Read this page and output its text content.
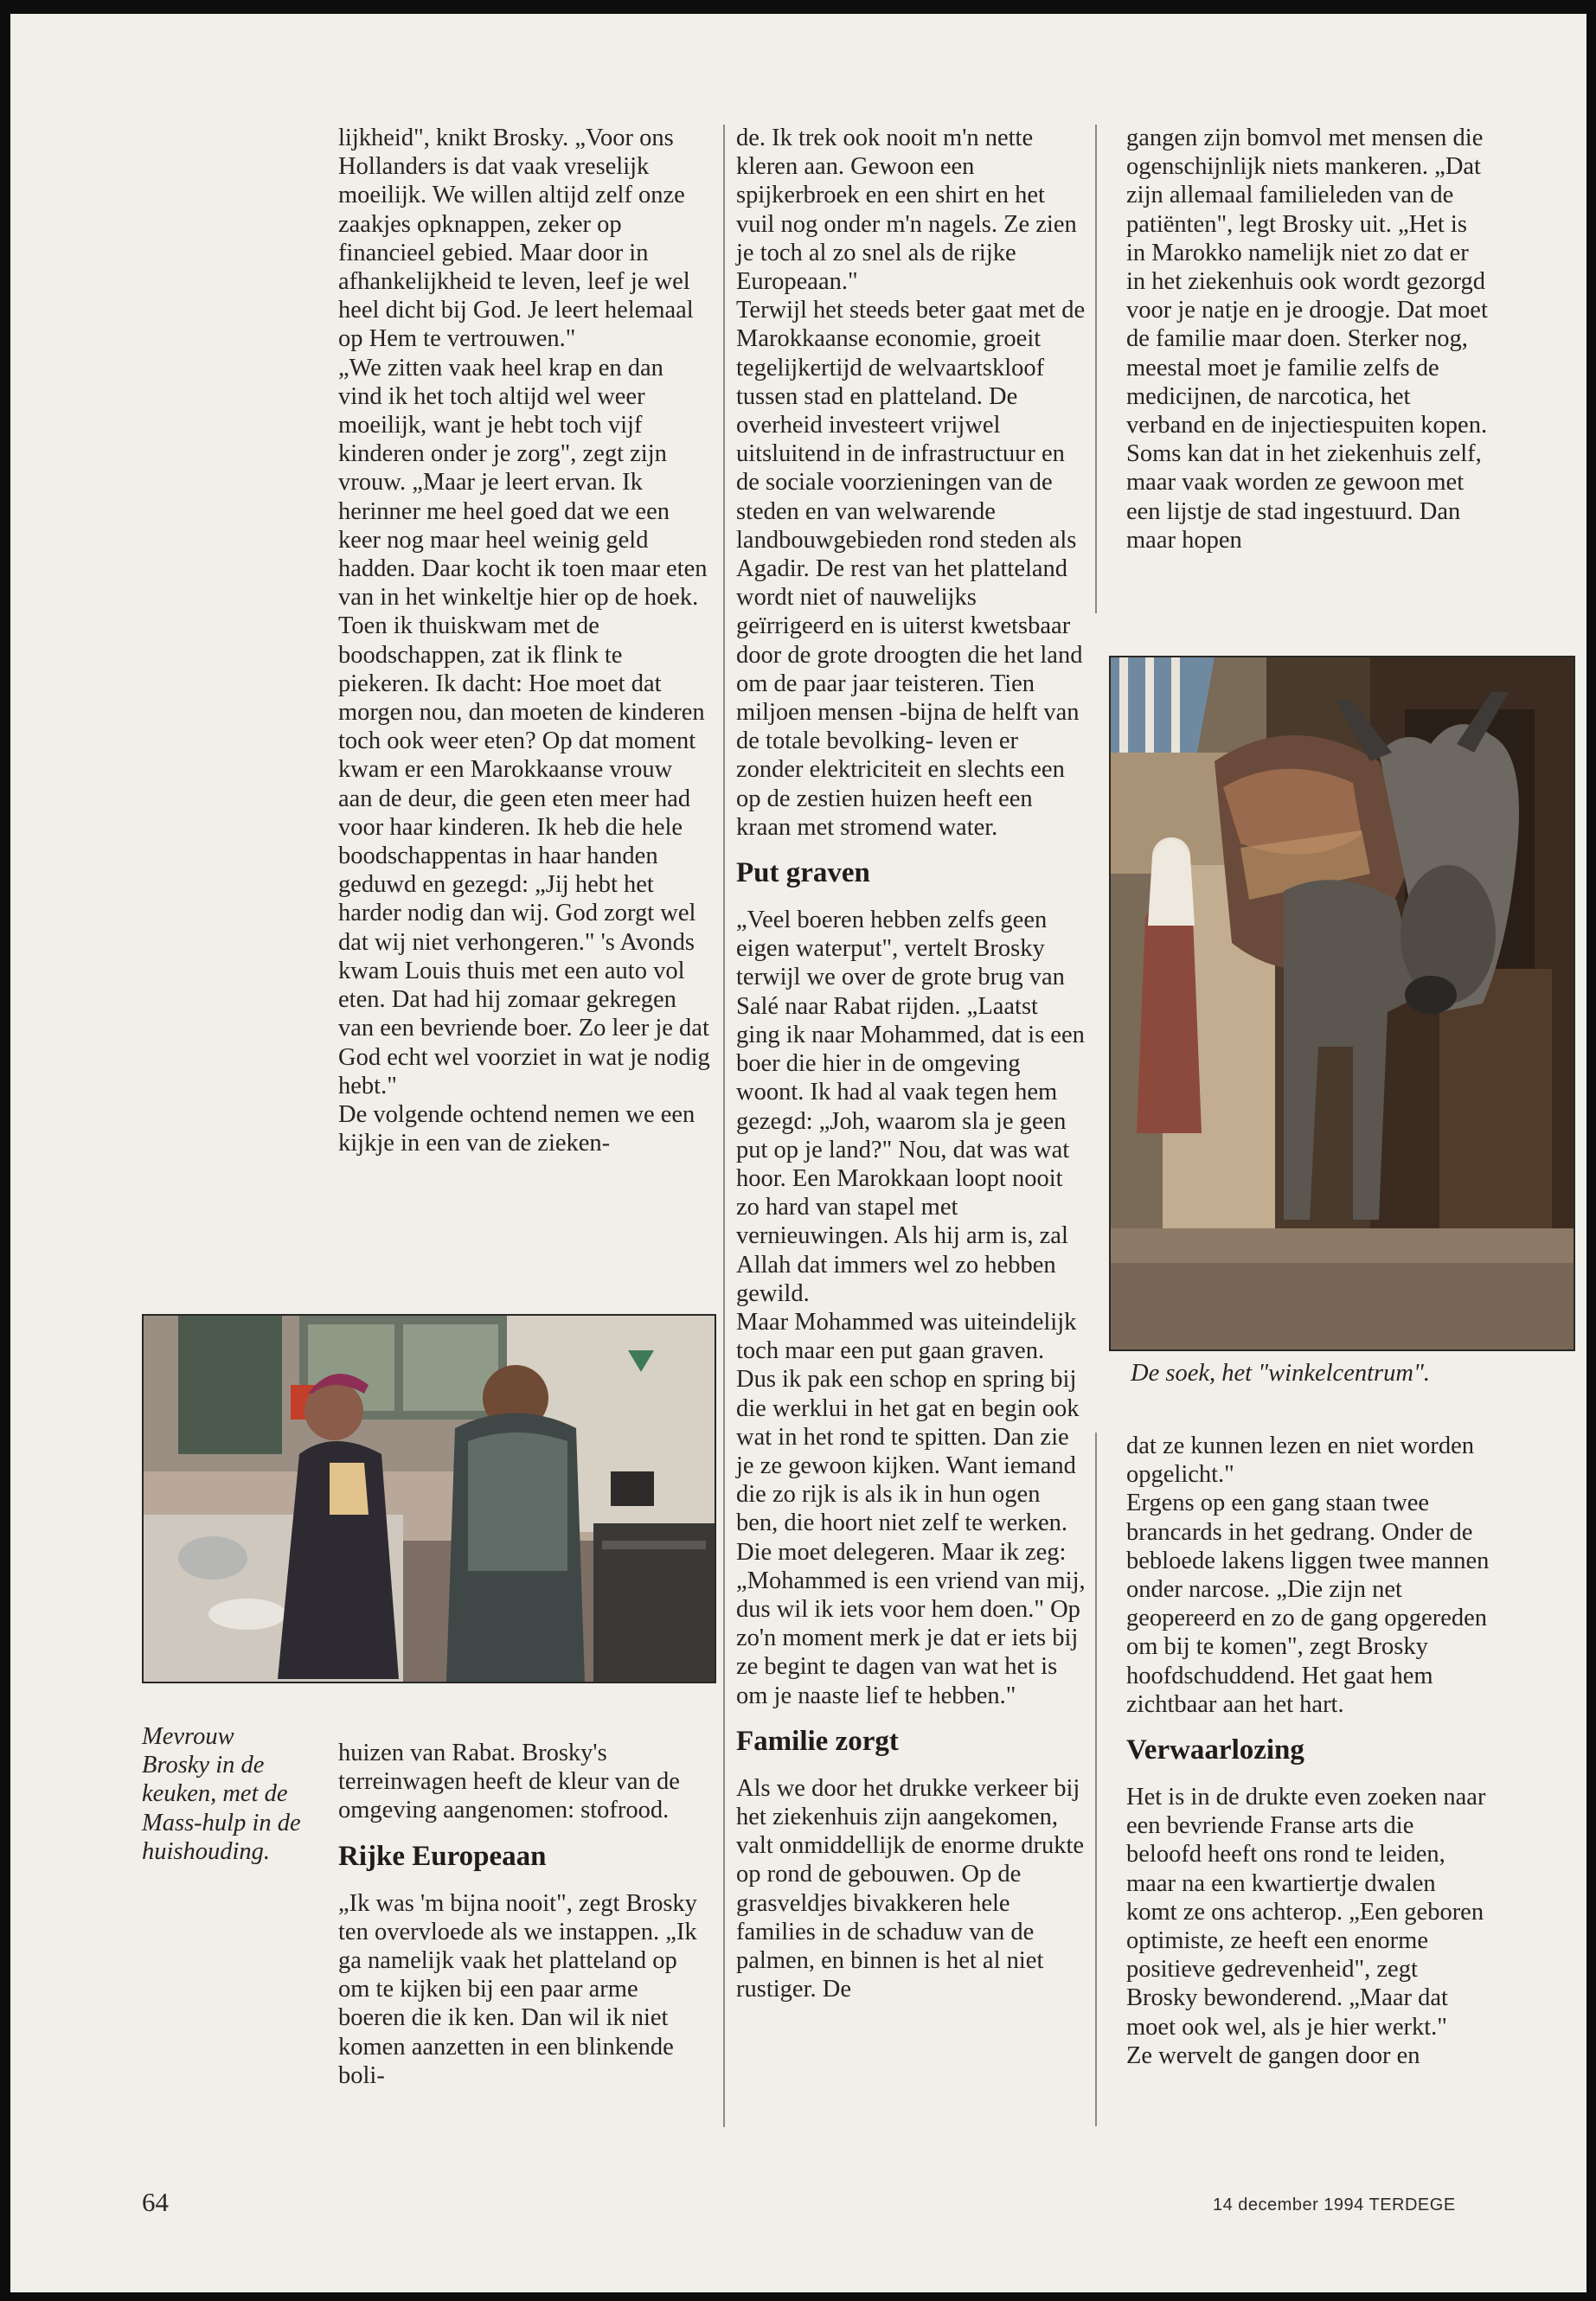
lijkheid", knikt Brosky. „Voor ons Hollanders is dat vaak vreselijk moeilijk. We willen altijd zelf onze zaakjes opknappen, zeker op financieel gebied. Maar door in afhankelijkheid te leven, leef je wel heel dicht bij God. Je leert helemaal op Hem te vertrouwen."

„We zitten vaak heel krap en dan vind ik het toch altijd wel weer moeilijk, want je hebt toch vijf kinderen onder je zorg", zegt zijn vrouw. „Maar je leert ervan. Ik herinner me heel goed dat we een keer nog maar heel weinig geld hadden. Daar kocht ik toen maar eten van in het winkeltje hier op de hoek. Toen ik thuiskwam met de boodschappen, zat ik flink te piekeren. Ik dacht: Hoe moet dat morgen nou, dan moeten de kinderen toch ook weer eten? Op dat moment kwam er een Marokkaanse vrouw aan de deur, die geen eten meer had voor haar kinderen. Ik heb die hele boodschappentas in haar handen geduwd en gezegd: „Jij hebt het harder nodig dan wij. God zorgt wel dat wij niet verhongeren." 's Avonds kwam Louis thuis met een auto vol eten. Dat had hij zomaar gekregen van een bevriende boer. Zo leer je dat God echt wel voorziet in wat je nodig hebt."

De volgende ochtend nemen we een kijkje in een van de zieken-

Mevrouw Brosky in de keuken, met de Mass-hulp in de huishouding.

huizen van Rabat. Brosky's terreinwagen heeft de kleur van de omgeving aangenomen: stofrood.

Rijke Europeaan

„Ik was 'm bijna nooit", zegt Brosky ten overvloede als we instappen. „Ik ga namelijk vaak het platteland op om te kijken bij een paar arme boeren die ik ken. Dan wil ik niet komen aanzetten in een blinkende boli-

de. Ik trek ook nooit m'n nette kleren aan. Gewoon een spijkerbroek en een shirt en het vuil nog onder m'n nagels. Ze zien je toch al zo snel als de rijke Europeaan."

Terwijl het steeds beter gaat met de Marokkaanse economie, groeit tegelijkertijd de welvaartskloof tussen stad en platteland. De overheid investeert vrijwel uitsluitend in de infrastructuur en de sociale voorzieningen van de steden en van welwarende landbouwgebieden rond steden als Agadir. De rest van het platteland wordt niet of nauwelijks geïrrigeerd en is uiterst kwetsbaar door de grote droogten die het land om de paar jaar teisteren. Tien miljoen mensen -bijna de helft van de totale bevolking- leven er zonder elektriciteit en slechts een op de zestien huizen heeft een kraan met stromend water.

Put graven

„Veel boeren hebben zelfs geen eigen waterput", vertelt Brosky terwijl we over de grote brug van Salé naar Rabat rijden. „Laatst ging ik naar Mohammed, dat is een boer die hier in de omgeving woont. Ik had al vaak tegen hem gezegd: „Joh, waarom sla je geen put op je land?" Nou, dat was wat hoor. Een Marokkaan loopt nooit zo hard van stapel met vernieuwingen. Als hij arm is, zal Allah dat immers wel zo hebben gewild.

Maar Mohammed was uiteindelijk toch maar een put gaan graven. Dus ik pak een schop en spring bij die werklui in het gat en begin ook wat in het rond te spitten. Dan zie je ze gewoon kijken. Want iemand die zo rijk is als ik in hun ogen ben, die hoort niet zelf te werken. Die moet delegeren. Maar ik zeg: „Mohammed is een vriend van mij, dus wil ik iets voor hem doen." Op zo'n moment merk je dat er iets bij ze begint te dagen van wat het is om je naaste lief te hebben."

Familie zorgt

Als we door het drukke verkeer bij het ziekenhuis zijn aangekomen, valt onmiddellijk de enorme drukte op rond de gebouwen. Op de grasveldjes bivakkeren hele families in de schaduw van de palmen, en binnen is het al niet rustiger. De

gangen zijn bomvol met mensen die ogenschijnlijk niets mankeren. „Dat zijn allemaal familieleden van de patiënten", legt Brosky uit. „Het is in Marokko namelijk niet zo dat er in het ziekenhuis ook wordt gezorgd voor je natje en je droogje. Dat moet de familie maar doen. Sterker nog, meestal moet je familie zelfs de medicijnen, de narcotica, het verband en de injectiespuiten kopen. Soms kan dat in het ziekenhuis zelf, maar vaak worden ze gewoon met een lijstje de stad ingestuurd. Dan maar hopen

De soek, het "winkelcentrum".

dat ze kunnen lezen en niet worden opgelicht."

Ergens op een gang staan twee brancards in het gedrang. Onder de bebloede lakens liggen twee mannen onder narcose. „Die zijn net geopereerd en zo de gang opgereden om bij te komen", zegt Brosky hoofdschuddend. Het gaat hem zichtbaar aan het hart.

Verwaarlozing

Het is in de drukte even zoeken naar een bevriende Franse arts die beloofd heeft ons rond te leiden, maar na een kwartiertje dwalen komt ze ons achterop. „Een geboren optimiste, ze heeft een enorme positieve gedrevenheid", zegt Brosky bewonderend. „Maar dat moet ook wel, als je hier werkt."

Ze wervelt de gangen door en

64	14 december 1994 TERDEGE
